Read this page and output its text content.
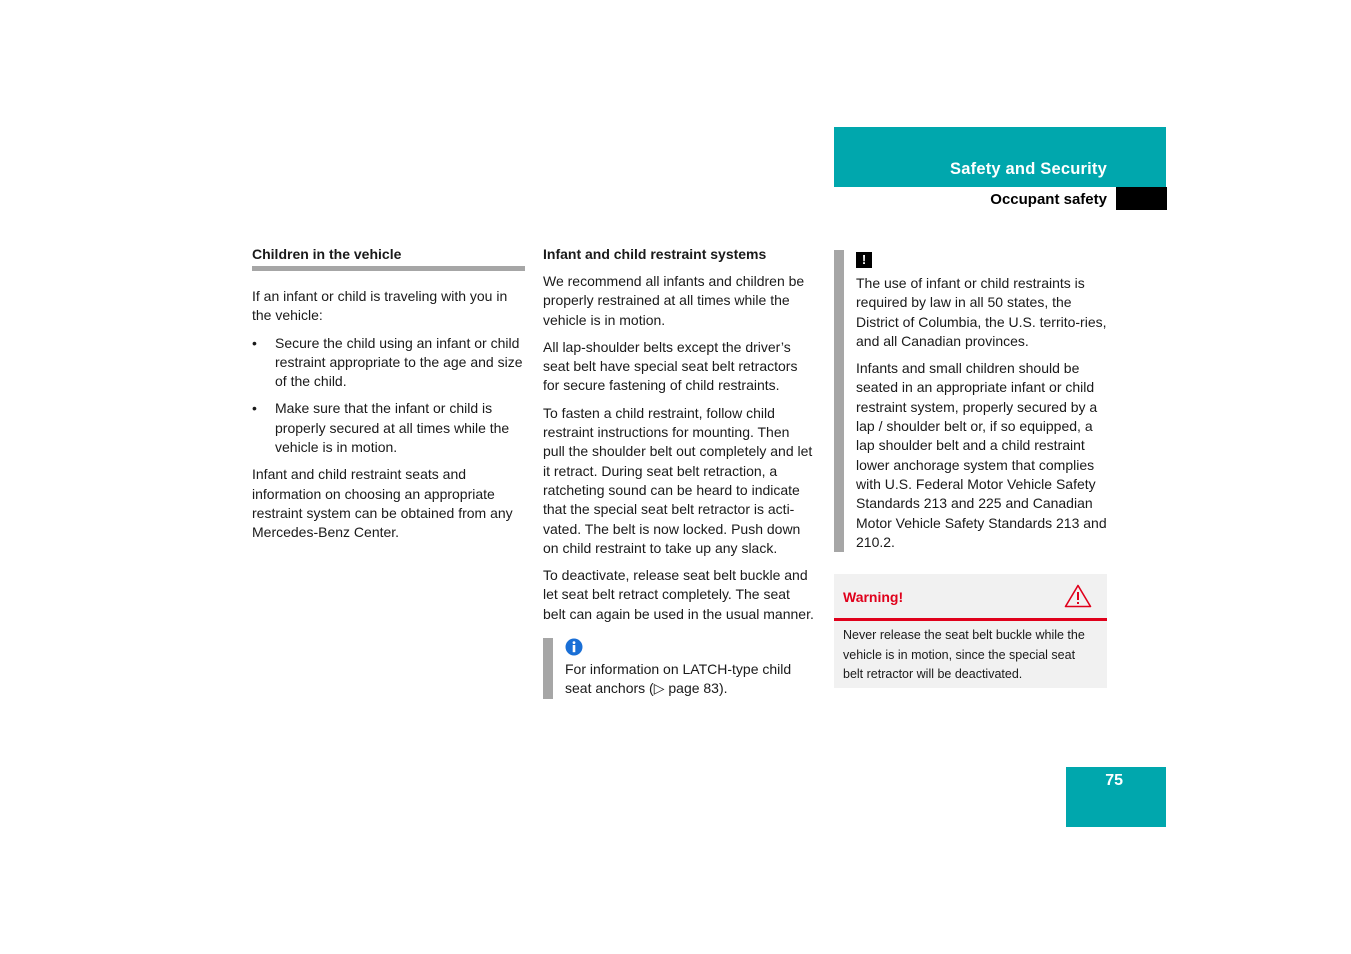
Safety and Security
Occupant safety
Children in the vehicle

If an infant or child is traveling with you in the vehicle:

• Secure the child using an infant or child restraint appropriate to the age and size of the child.
• Make sure that the infant or child is properly secured at all times while the vehicle is in motion.

Infant and child restraint seats and information on choosing an appropriate restraint system can be obtained from any Mercedes-Benz Center.

Infant and child restraint systems

We recommend all infants and children be properly restrained at all times while the vehicle is in motion.

All lap-shoulder belts except the driver’s seat belt have special seat belt retractors for secure fastening of child restraints.

To fasten a child restraint, follow child restraint instructions for mounting. Then pull the shoulder belt out completely and let it retract. During seat belt retraction, a ratcheting sound can be heard to indicate that the special seat belt retractor is acti-vated. The belt is now locked. Push down on child restraint to take up any slack.

To deactivate, release seat belt buckle and let seat belt retract completely. The seat belt can again be used in the usual manner.

For information on LATCH-type child seat anchors (▷ page 83).
!

The use of infant or child restraints is required by law in all 50 states, the District of Columbia, the U.S. territo-ries, and all Canadian provinces.

Infants and small children should be seated in an appropriate infant or child restraint system, properly secured by a lap / shoulder belt or, if so equipped, a lap shoulder belt and a child restraint lower anchorage system that complies with U.S. Federal Motor Vehicle Safety Standards 213 and 225 and Canadian Motor Vehicle Safety Standards 213 and 210.2.

Warning!
Never release the seat belt buckle while the vehicle is in motion, since the special seat belt retractor will be deactivated.
75
